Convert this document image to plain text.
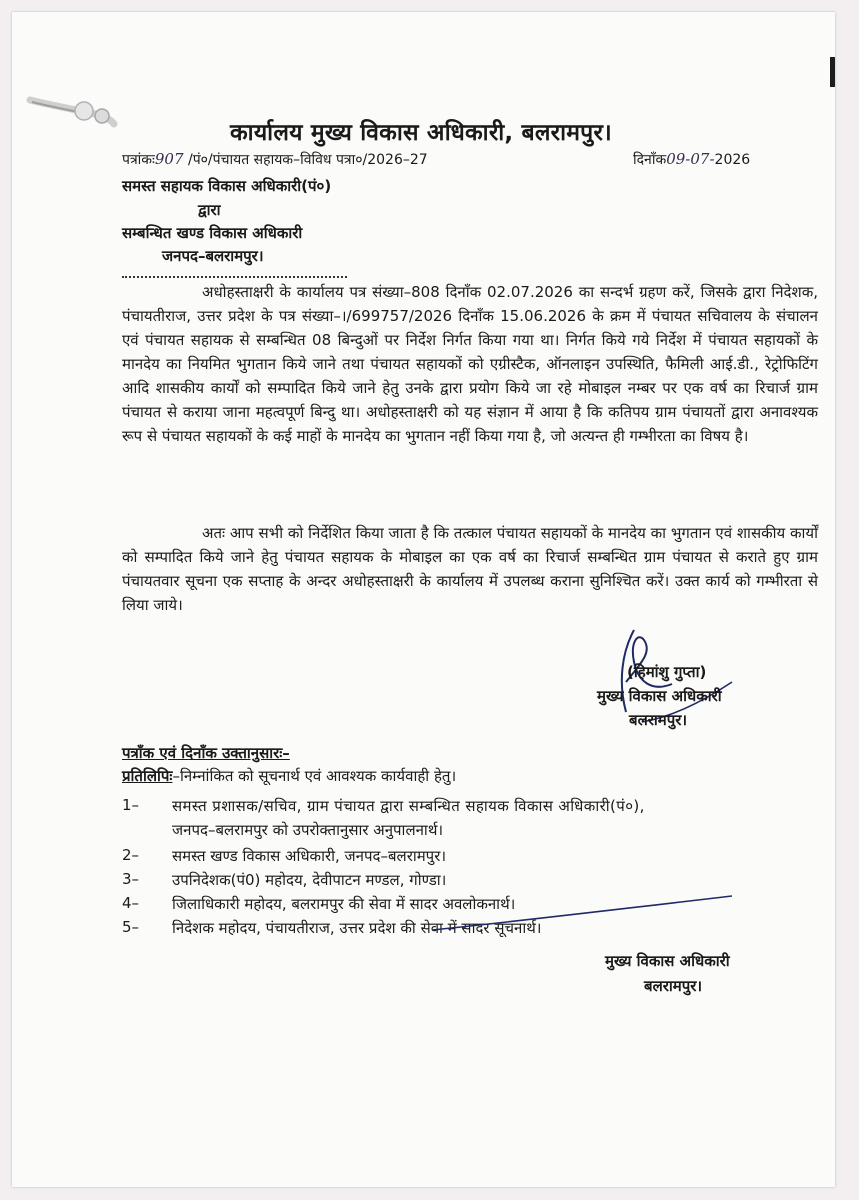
कार्यालय मुख्य विकास अधिकारी, बलरामपुर।
पत्रांकः907 /पं०/पंचायत सहायक–विविध पत्रा०/2026–27	दिनाँक09-07-2026
समस्त सहायक विकास अधिकारी(पं०)
द्वारा
सम्बन्धित खण्ड विकास अधिकारी
जनपद–बलरामपुर।
अधोहस्ताक्षरी के कार्यालय पत्र संख्या–808 दिनाँक 02.07.2026 का सन्दर्भ ग्रहण करें, जिसके द्वारा निदेशक, पंचायतीराज, उत्तर प्रदेश के पत्र संख्या–।/699757/2026 दिनाँक 15.06.2026 के क्रम में पंचायत सचिवालय के संचालन एवं पंचायत सहायक से सम्बन्धित 08 बिन्दुओं पर निर्देश निर्गत किया गया था। निर्गत किये गये निर्देश में पंचायत सहायकों के मानदेय का नियमित भुगतान किये जाने तथा पंचायत सहायकों को एग्रीस्टैक, ऑनलाइन उपस्थिति, फैमिली आई.डी., रेट्रोफिटिंग आदि शासकीय कार्यों को सम्पादित किये जाने हेतु उनके द्वारा प्रयोग किये जा रहे मोबाइल नम्बर पर एक वर्ष का रिचार्ज ग्राम पंचायत से कराया जाना महत्वपूर्ण बिन्दु था। अधोहस्ताक्षरी को यह संज्ञान में आया है कि कतिपय ग्राम पंचायतों द्वारा अनावश्यक रूप से पंचायत सहायकों के कई माहों के मानदेय का भुगतान नहीं किया गया है, जो अत्यन्त ही गम्भीरता का विषय है।
अतः आप सभी को निर्देशित किया जाता है कि तत्काल पंचायत सहायकों के मानदेय का भुगतान एवं शासकीय कार्यों को सम्पादित किये जाने हेतु पंचायत सहायक के मोबाइल का एक वर्ष का रिचार्ज सम्बन्धित ग्राम पंचायत से कराते हुए ग्राम पंचायतवार सूचना एक सप्ताह के अन्दर अधोहस्ताक्षरी के कार्यालय में उपलब्ध कराना सुनिश्चित करें। उक्त कार्य को गम्भीरता से लिया जाये।
(हिमांशु गुप्ता)
मुख्य विकास अधिकारी
बलरामपुर।
पत्राँक एवं दिनाँक उक्तानुसारः–
प्रतिलिपिः–निम्नांकित को सूचनार्थ एवं आवश्यक कार्यवाही हेतु।
1– समस्त प्रशासक/सचिव, ग्राम पंचायत द्वारा सम्बन्धित सहायक विकास अधिकारी(पं०),
जनपद–बलरामपुर को उपरोक्तानुसार अनुपालनार्थ।
2– समस्त खण्ड विकास अधिकारी, जनपद–बलरामपुर।
3– उपनिदेशक(पं0) महोदय, देवीपाटन मण्डल, गोण्डा।
4– जिलाधिकारी महोदय, बलरामपुर की सेवा में सादर अवलोकनार्थ।
5– निदेशक महोदय, पंचायतीराज, उत्तर प्रदेश की सेवा में सादर सूचनार्थ।
मुख्य विकास अधिकारी
बलरामपुर।
